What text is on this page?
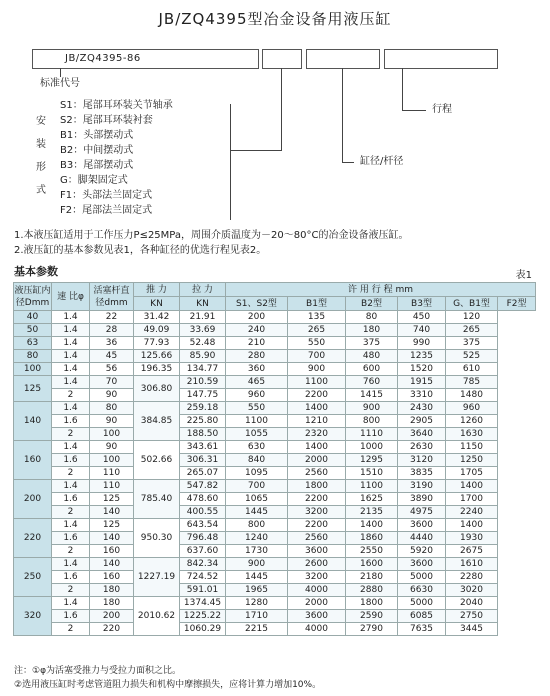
JB/ZQ4395型冶金设备用液压缸
JB/ZQ4395-86
标准代号
行程
缸径/杆径
安
装
形
式
S1：尾部耳环装关节轴承
S2：尾部耳环装衬套
B1：头部摆动式
B2：中间摆动式
B3：尾部摆动式
G：脚架固定式
F1：头部法兰固定式
F2：尾部法兰固定式
1.本液压缸适用于工作压力P≤25MPa，周围介质温度为－20～80°C的冶金设备液压缸。
2.液压缸的基本参数见表1，各种缸径的优选行程见表2。
基本参数	表1
液压缸内 径Dmm	速 比φ	活塞杆直 径dmm	推 力	拉 力	许 用 行 程 mm					
			KN	KN						
					S1、S2型	B1型	B2型	B3型	G、B1型	F2型
40	1.4	22	31.42	21.91	200	135	80	450	120	
50	1.4	28	49.09	33.69	240	265	180	740	265	
63	1.4	36	77.93	52.48	210	550	375	990	375	
80	1.4	45	125.66	85.90	280	700	480	1235	525	
100	1.4	56	196.35	134.77	360	900	600	1520	610	
125	1.4	70	306.80	210.59	465	1100	760	1915	785	
	2	90		147.75	960	2200	1415	3310	1480	
140	1.4	80	384.85	259.18	550	1400	900	2430	960	
	1.6	90		225.80	1100	1210	800	2905	1260	
	2	100		188.50	1055	2320	1110	3640	1630	
160	1.4	90	502.66	343.61	630	1400	1000	2630	1150	
	1.6	100		306.31	840	2000	1295	3120	1250	
	2	110		265.07	1095	2560	1510	3835	1705	
200	1.4	110	785.40	547.82	700	1800	1100	3190	1400	
	1.6	125		478.60	1065	2200	1625	3890	1700	
	2	140		400.55	1445	3200	2135	4975	2240	
220	1.4	125	950.30	643.54	800	2200	1400	3600	1400	
	1.6	140		796.48	1240	2560	1860	4440	1930	
	2	160		637.60	1730	3600	2550	5920	2675	
250	1.4	140	1227.19	842.34	900	2600	1600	3600	1610	
	1.6	160		724.52	1445	3200	2180	5000	2280	
	2	180		591.01	1965	4000	2880	6630	3020	
320	1.4	180	2010.62	1374.45	1280	2000	1800	5000	2040	
	1.6	200		1225.22	1710	3600	2590	6085	2750	
	2	220		1060.29	2215	4000	2790	7635	3445	
注：①φ为活塞受推力与受拉力面积之比。
②选用液压缸时考虑管道阻力损失和机构中摩擦损失，应将计算力增加10%。
